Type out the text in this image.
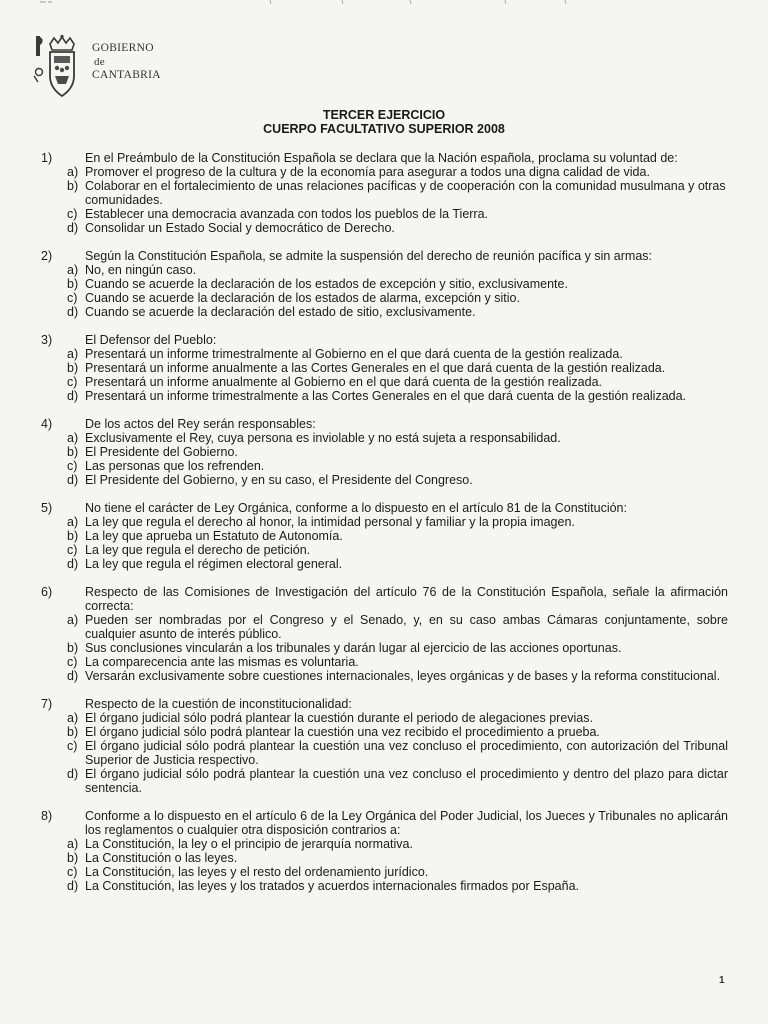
GOBIERNO
de
CANTABRIA
TERCER EJERCICIO
CUERPO FACULTATIVO SUPERIOR 2008
1)	En el Preámbulo de la Constitución Española se declara que la Nación española, proclama su voluntad de:
a) Promover el progreso de la cultura y de la economía para asegurar a todos una digna calidad de vida.
b) Colaborar en el fortalecimiento de unas relaciones pacíficas y de cooperación con la comunidad musulmana y otras comunidades.
c) Establecer una democracia avanzada con todos los pueblos de la Tierra.
d) Consolidar un Estado Social y democrático de Derecho.
2)	Según la Constitución Española, se admite la suspensión del derecho de reunión pacífica y sin armas:
a) No, en ningún caso.
b) Cuando se acuerde la declaración de los estados de excepción y sitio, exclusivamente.
c) Cuando se acuerde la declaración de los estados de alarma, excepción y sitio.
d) Cuando se acuerde la declaración del estado de sitio, exclusivamente.
3)	El Defensor del Pueblo:
a) Presentará un informe trimestralmente al Gobierno en el que dará cuenta de la gestión realizada.
b) Presentará un informe anualmente a las Cortes Generales en el que dará cuenta de la gestión realizada.
c) Presentará un informe anualmente al Gobierno en el que dará cuenta de la gestión realizada.
d) Presentará un informe trimestralmente a las Cortes Generales en el que dará cuenta de la gestión realizada.
4)	De los actos del Rey serán responsables:
a) Exclusivamente el Rey, cuya persona es inviolable y no está sujeta a responsabilidad.
b) El Presidente del Gobierno.
c) Las personas que los refrenden.
d) El Presidente del Gobierno, y en su caso, el Presidente del Congreso.
5)	No tiene el carácter de Ley Orgánica, conforme a lo dispuesto en el artículo 81 de la Constitución:
a) La ley que regula el derecho al honor, la intimidad personal y familiar y la propia imagen.
b) La ley que aprueba un Estatuto de Autonomía.
c) La ley que regula el derecho de petición.
d) La ley que regula el régimen electoral general.
6)	Respecto de las Comisiones de Investigación del artículo 76 de la Constitución Española, señale la afirmación correcta:
a) Pueden ser nombradas por el Congreso y el Senado, y, en su caso ambas Cámaras conjuntamente, sobre cualquier asunto de interés público.
b) Sus conclusiones vincularán a los tribunales y darán lugar al ejercicio de las acciones oportunas.
c) La comparecencia ante las mismas es voluntaria.
d) Versarán exclusivamente sobre cuestiones internacionales, leyes orgánicas y de bases y la reforma constitucional.
7)	Respecto de la cuestión de inconstitucionalidad:
a) El órgano judicial sólo podrá plantear la cuestión durante el periodo de alegaciones previas.
b) El órgano judicial sólo podrá plantear la cuestión una vez recibido el procedimiento a prueba.
c) El órgano judicial sólo podrá plantear la cuestión una vez concluso el procedimiento, con autorización del Tribunal Superior de Justicia respectivo.
d) El órgano judicial sólo podrá plantear la cuestión una vez concluso el procedimiento y dentro del plazo para dictar sentencia.
8)	Conforme a lo dispuesto en el artículo 6 de la Ley Orgánica del Poder Judicial, los Jueces y Tribunales no aplicarán los reglamentos o cualquier otra disposición contrarios a:
a) La Constitución, la ley o el principio de jerarquía normativa.
b) La Constitución o las leyes.
c) La Constitución, las leyes y el resto del ordenamiento jurídico.
d) La Constitución, las leyes y los tratados y acuerdos internacionales firmados por España.
1
